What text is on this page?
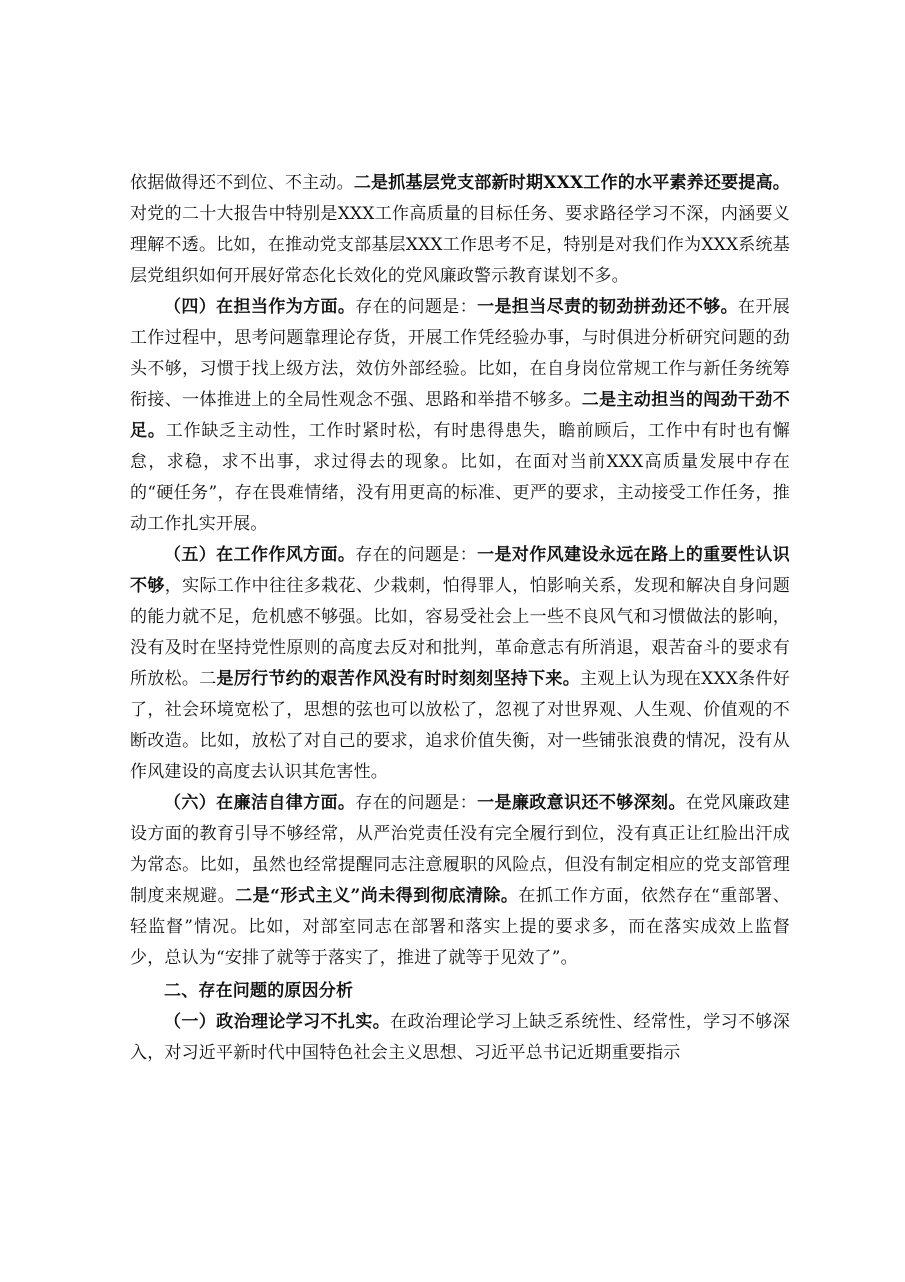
依据做得还不到位、不主动。二是抓基层党支部新时期XXX工作的水平素养还要提高。对党的二十大报告中特别是XXX工作高质量的目标任务、要求路径学习不深，内涵要义理解不透。比如，在推动党支部基层XXX工作思考不足，特别是对我们作为XXX系统基层党组织如何开展好常态化长效化的党风廉政警示教育谋划不多。

（四）在担当作为方面。存在的问题是：一是担当尽责的韧劲拼劲还不够。在开展工作过程中，思考问题靠理论存货，开展工作凭经验办事，与时俱进分析研究问题的劲头不够，习惯于找上级方法，效仿外部经验。比如，在自身岗位常规工作与新任务统筹衔接、一体推进上的全局性观念不强、思路和举措不够多。二是主动担当的闯劲干劲不足。工作缺乏主动性，工作时紧时松，有时患得患失，瞻前顾后，工作中有时也有懈怠，求稳，求不出事，求过得去的现象。比如，在面对当前XXX高质量发展中存在的“硬任务”，存在畏难情绪，没有用更高的标准、更严的要求，主动接受工作任务，推动工作扎实开展。

（五）在工作作风方面。存在的问题是：一是对作风建设永远在路上的重要性认识不够，实际工作中往往多栽花、少栽刺，怕得罪人，怕影响关系，发现和解决自身问题的能力就不足，危机感不够强。比如，容易受社会上一些不良风气和习惯做法的影响，没有及时在坚持党性原则的高度去反对和批判，革命意志有所消退，艰苦奋斗的要求有所放松。二是厉行节约的艰苦作风没有时时刻刻坚持下来。主观上认为现在XXX条件好了，社会环境宽松了，思想的弦也可以放松了，忽视了对世界观、人生观、价值观的不断改造。比如，放松了对自己的要求，追求价值失衡，对一些铺张浪费的情况，没有从作风建设的高度去认识其危害性。

（六）在廉洁自律方面。存在的问题是：一是廉政意识还不够深刻。在党风廉政建设方面的教育引导不够经常，从严治党责任没有完全履行到位，没有真正让红脸出汗成为常态。比如，虽然也经常提醒同志注意履职的风险点，但没有制定相应的党支部管理制度来规避。二是“形式主义”尚未得到彻底清除。在抓工作方面，依然存在“重部署、轻监督”情况。比如，对部室同志在部署和落实上提的要求多，而在落实成效上监督少，总认为“安排了就等于落实了，推进了就等于见效了”。

二、存在问题的原因分析

（一）政治理论学习不扎实。在政治理论学习上缺乏系统性、经常性，学习不够深入，对习近平新时代中国特色社会主义思想、习近平总书记近期重要指示
